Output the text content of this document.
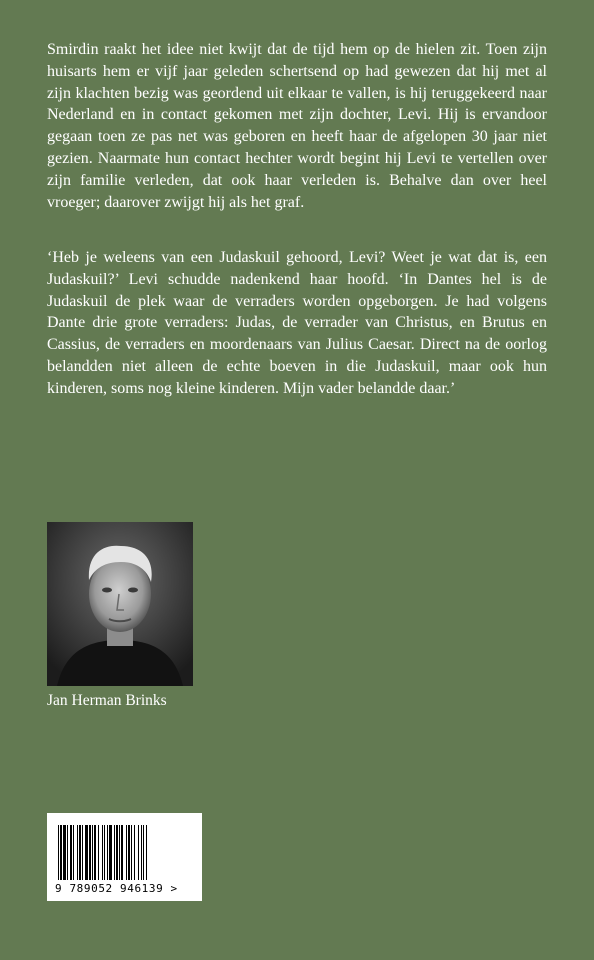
Smirdin raakt het idee niet kwijt dat de tijd hem op de hielen zit. Toen zijn huisarts hem er vijf jaar geleden schertsend op had gewezen dat hij met al zijn klachten bezig was geordend uit elkaar te vallen, is hij teruggekeerd naar Nederland en in contact gekomen met zijn dochter, Levi. Hij is ervandoor gegaan toen ze pas net was geboren en heeft haar de afgelopen 30 jaar niet gezien. Naarmate hun contact hechter wordt begint hij Levi te vertellen over zijn familie verleden, dat ook haar verleden is. Behalve dan over heel vroeger; daarover zwijgt hij als het graf.

‘Heb je weleens van een Judaskuil gehoord, Levi? Weet je wat dat is, een Judaskuil?’ Levi schudde nadenkend haar hoofd. ‘In Dantes hel is de Judaskuil de plek waar de verraders worden opgeborgen. Je had volgens Dante drie grote verraders: Judas, de verrader van Christus, en Brutus en Cassius, de verraders en moordenaars van Julius Caesar. Direct na de oorlog belandden niet alleen de echte boeven in die Judaskuil, maar ook hun kinderen, soms nog kleine kinderen. Mijn vader belandde daar.’

Jan Herman Brinks

9 789052 946139 >
